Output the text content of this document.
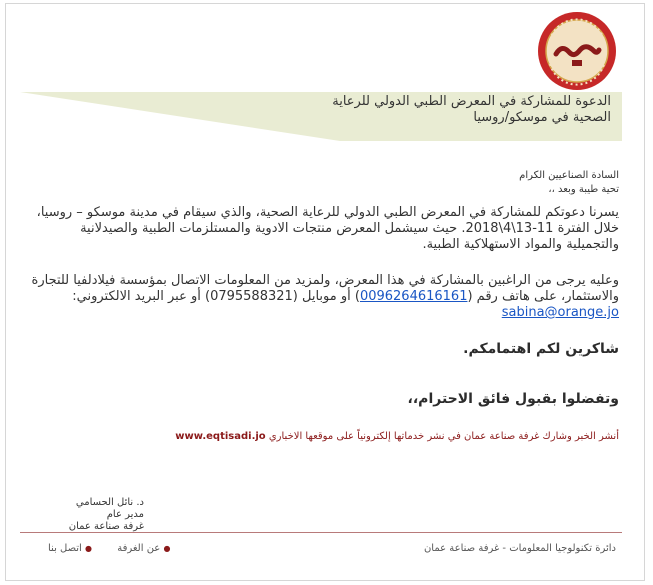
الدعوة للمشاركة في المعرض الطبي الدولي للرعاية الصحية في موسكو/روسيا
السادة الصناعيين الكرام
تحية طيبة وبعد ،،
يسرنا دعوتكم للمشاركة في المعرض الطبي الدولي للرعاية الصحية، والذي سيقام في مدينة موسكو – روسيا، خلال الفترة 11-13\4\2018. حيث سيشمل المعرض منتجات الادوية والمستلزمات الطبية والصيدلانية والتجميلية والمواد الاستهلاكية الطبية.
وعليه يرجى من الراغبين بالمشاركة في هذا المعرض، ولمزيد من المعلومات الاتصال بمؤسسة فيلادلفيا للتجارة والاستثمار، على هاتف رقم (0096264616161) أو موبايل (0795588321) أو عبر البريد الالكتروني: sabina@orange.jo
شاكرين لكم اهتمامكم.
وتفضلوا بقبول فائق الاحترام،،
أنشر الخبر وشارك غرفة صناعة عمان في نشر خدماتها إلكترونياً على موقعها الاخباري www.eqtisadi.jo
د. نائل الحسامي
مدير عام
غرفة صناعة عمان
دائرة تكنولوجيا المعلومات - غرفة صناعة عمان
● عن الغرفة ● اتصل بنا
